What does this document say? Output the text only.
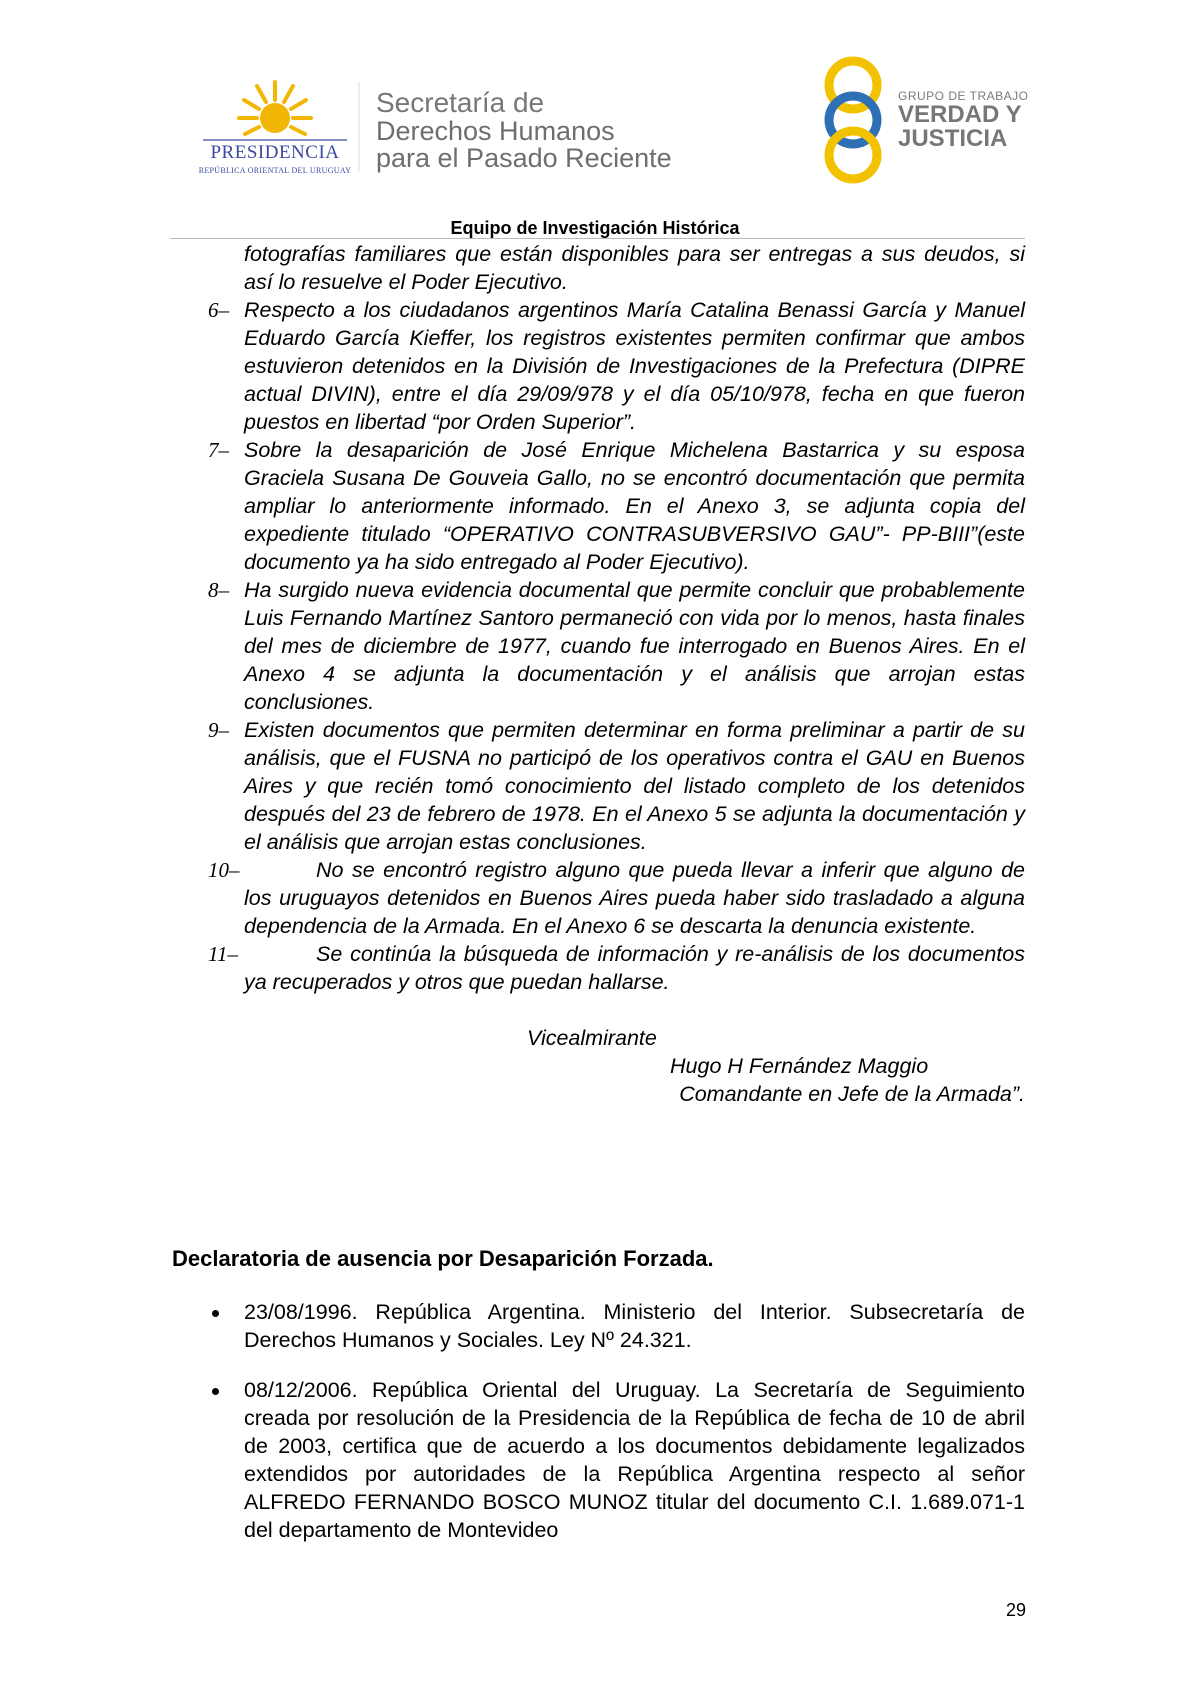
PRESIDENCIA
REPÚBLICA ORIENTAL DEL URUGUAY
Secretaría de
Derechos Humanos
para el Pasado Reciente
GRUPO DE TRABAJO
VERDAD Y
JUSTICIA
Equipo de Investigación Histórica
fotografías familiares que están disponibles para ser entregas a sus deudos, si así lo resuelve el Poder Ejecutivo.
6– Respecto a los ciudadanos argentinos María Catalina Benassi García y Manuel Eduardo García Kieffer, los registros existentes permiten confirmar que ambos estuvieron detenidos en la División de Investigaciones de la Prefectura (DIPRE actual DIVIN), entre el día 29/09/978 y el día 05/10/978, fecha en que fueron puestos en libertad “por Orden Superior”.
7– Sobre la desaparición de José Enrique Michelena Bastarrica y su esposa Graciela Susana De Gouveia Gallo, no se encontró documentación que permita ampliar lo anteriormente informado. En el Anexo 3, se adjunta copia del expediente titulado “OPERATIVO CONTRASUBVERSIVO GAU”- PP-BIII”(este documento ya ha sido entregado al Poder Ejecutivo).
8– Ha surgido nueva evidencia documental que permite concluir que probablemente Luis Fernando Martínez Santoro permaneció con vida por lo menos, hasta finales del mes de diciembre de 1977, cuando fue interrogado en Buenos Aires. En el Anexo 4 se adjunta la documentación y el análisis que arrojan estas conclusiones.
9– Existen documentos que permiten determinar en forma preliminar a partir de su análisis, que el FUSNA no participó de los operativos contra el GAU en Buenos Aires y que recién tomó conocimiento del listado completo de los detenidos después del 23 de febrero de 1978. En el Anexo 5 se adjunta la documentación y el análisis que arrojan estas conclusiones.
10–	No se encontró registro alguno que pueda llevar a inferir que alguno de los uruguayos detenidos en Buenos Aires pueda haber sido trasladado a alguna dependencia de la Armada. En el Anexo 6 se descarta la denuncia existente.
11–	Se continúa la búsqueda de información y re-análisis de los documentos ya recuperados y otros que puedan hallarse.
Vicealmirante
Hugo H Fernández Maggio
Comandante en Jefe de la Armada”.
Declaratoria de ausencia por Desaparición Forzada.
23/08/1996. República Argentina. Ministerio del Interior. Subsecretaría de Derechos Humanos y Sociales. Ley Nº 24.321.
08/12/2006. República Oriental del Uruguay. La Secretaría de Seguimiento creada por resolución de la Presidencia de la República de fecha de 10 de abril de 2003, certifica que de acuerdo a los documentos debidamente legalizados extendidos por autoridades de la República Argentina respecto al señor ALFREDO FERNANDO BOSCO MUNOZ titular del documento C.I. 1.689.071-1 del departamento de Montevideo
29
